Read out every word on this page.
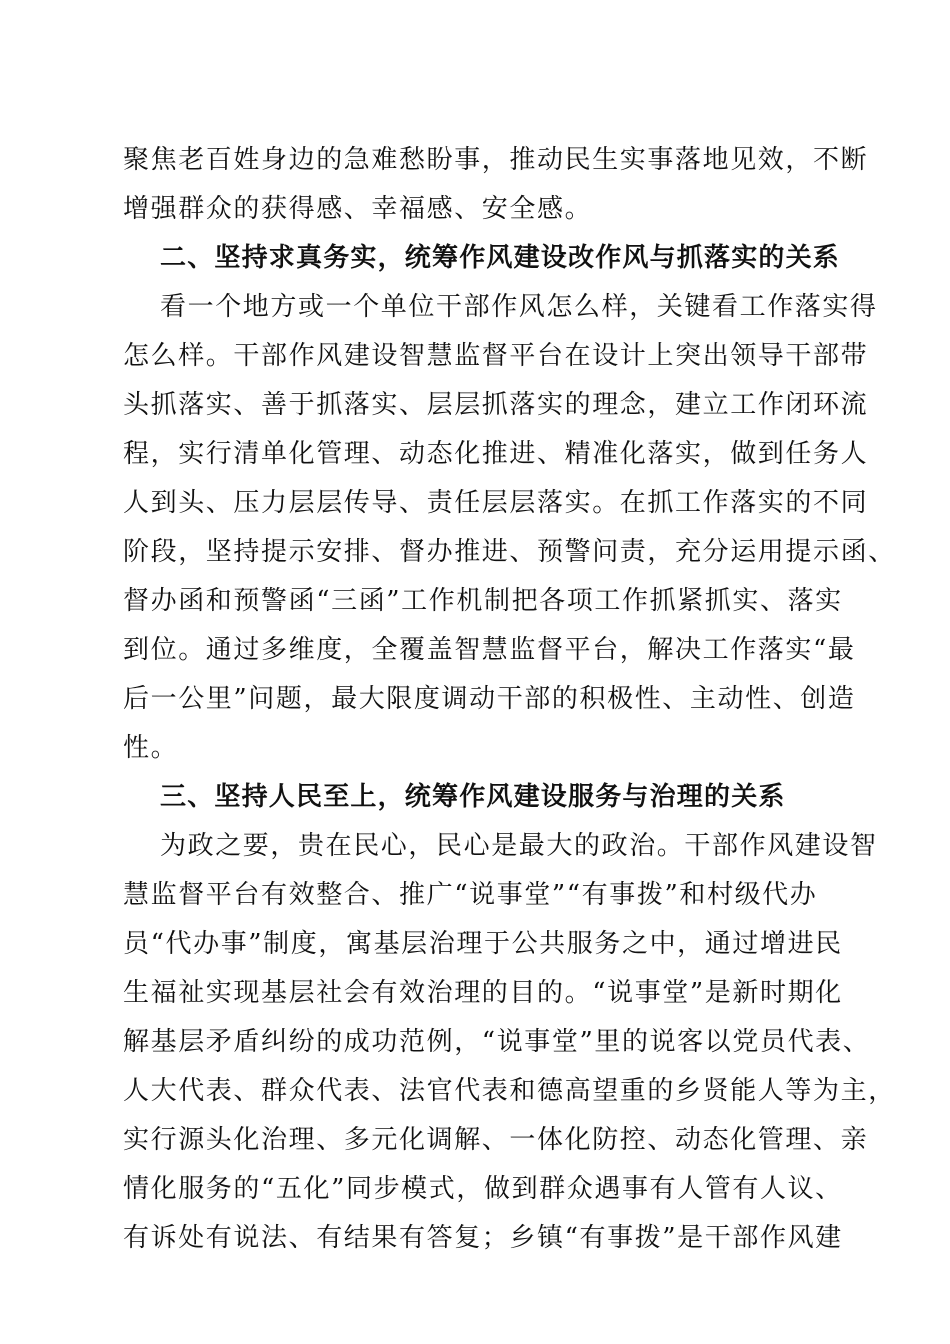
聚焦老百姓身边的急难愁盼事，推动民生实事落地见效，不断
增强群众的获得感、幸福感、安全感。
二、坚持求真务实，统筹作风建设改作风与抓落实的关系
看一个地方或一个单位干部作风怎么样，关键看工作落实得
怎么样。干部作风建设智慧监督平台在设计上突出领导干部带
头抓落实、善于抓落实、层层抓落实的理念，建立工作闭环流
程，实行清单化管理、动态化推进、精准化落实，做到任务人
人到头、压力层层传导、责任层层落实。在抓工作落实的不同
阶段，坚持提示安排、督办推进、预警问责，充分运用提示函、
督办函和预警函“三函”工作机制把各项工作抓紧抓实、落实
到位。通过多维度，全覆盖智慧监督平台，解决工作落实“最
后一公里”问题，最大限度调动干部的积极性、主动性、创造
性。
三、坚持人民至上，统筹作风建设服务与治理的关系
为政之要，贵在民心，民心是最大的政治。干部作风建设智
慧监督平台有效整合、推广“说事堂”“有事拨”和村级代办
员“代办事”制度，寓基层治理于公共服务之中，通过增进民
生福祉实现基层社会有效治理的目的。“说事堂”是新时期化
解基层矛盾纠纷的成功范例，“说事堂”里的说客以党员代表、
人大代表、群众代表、法官代表和德高望重的乡贤能人等为主，
实行源头化治理、多元化调解、一体化防控、动态化管理、亲
情化服务的“五化”同步模式，做到群众遇事有人管有人议、
有诉处有说法、有结果有答复；乡镇“有事拨”是干部作风建
